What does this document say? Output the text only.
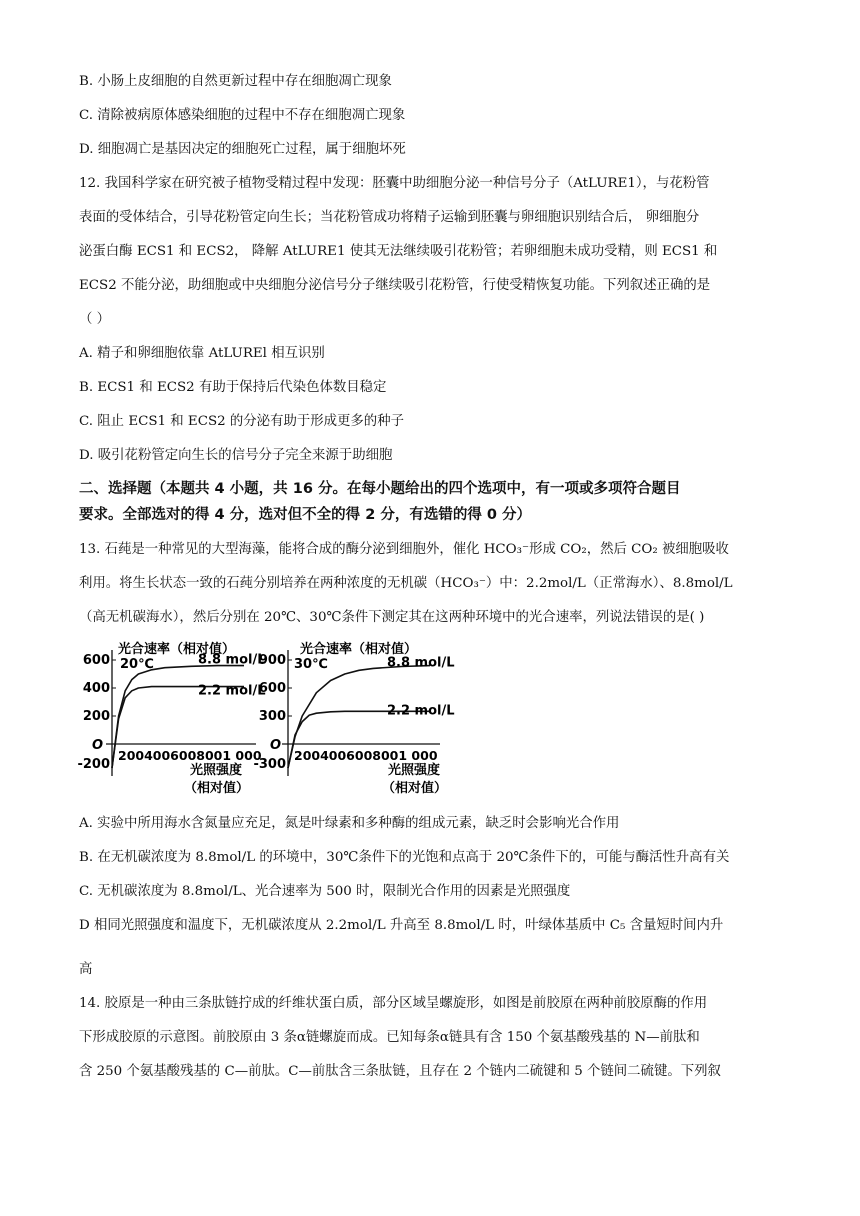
B. 小肠上皮细胞的自然更新过程中存在细胞凋亡现象
C. 清除被病原体感染细胞的过程中不存在细胞凋亡现象
D. 细胞凋亡是基因决定的细胞死亡过程，属于细胞坏死
12. 我国科学家在研究被子植物受精过程中发现：胚囊中助细胞分泌一种信号分子（AtLURE1），与花粉管
表面的受体结合，引导花粉管定向生长；当花粉管成功将精子运输到胚囊与卵细胞识别结合后， 卵细胞分
泌蛋白酶 ECS1 和 ECS2， 降解 AtLURE1 使其无法继续吸引花粉管；若卵细胞未成功受精，则 ECS1 和
ECS2 不能分泌，助细胞或中央细胞分泌信号分子继续吸引花粉管，行使受精恢复功能。下列叙述正确的是
（ ）
A. 精子和卵细胞依靠 AtLUREl 相互识别
B. ECS1 和 ECS2 有助于保持后代染色体数目稳定
C. 阻止 ECS1 和 ECS2 的分泌有助于形成更多的种子
D. 吸引花粉管定向生长的信号分子完全来源于助细胞
二、选择题（本题共 4 小题，共 16 分。在每小题给出的四个选项中，有一项或多项符合题目
要求。全部选对的得 4 分，选对但不全的得 2 分，有选错的得 0 分）
13. 石莼是一种常见的大型海藻，能将合成的酶分泌到细胞外，催化 HCO₃⁻形成 CO₂，然后 CO₂ 被细胞吸收
利用。将生长状态一致的石莼分别培养在两种浓度的无机碳（HCO₃⁻）中：2.2mol/L（正常海水）、8.8mol/L
（高无机碳海水），然后分别在 20℃、30℃条件下测定其在这两种环境中的光合速率，列说法错误的是( )
光合速率（相对值）
20℃
O
-200
200
400
600
2004006008001 000
8.8 mol/L
2.2 mol/L
光照强度
（相对值）
光合速率（相对值）
30℃
O
-300
300
600
900
2004006008001 000
8.8 mol/L
2.2 mol/L
光照强度
（相对值）
A. 实验中所用海水含氮量应充足，氮是叶绿素和多种酶的组成元素，缺乏时会影响光合作用
B. 在无机碳浓度为 8.8mol/L 的环境中，30℃条件下的光饱和点高于 20℃条件下的，可能与酶活性升高有关
C. 无机碳浓度为 8.8mol/L、光合速率为 500 时，限制光合作用的因素是光照强度
D 相同光照强度和温度下，无机碳浓度从 2.2mol/L 升高至 8.8mol/L 时，叶绿体基质中 C₅ 含量短时间内升
高
14. 胶原是一种由三条肽链拧成的纤维状蛋白质，部分区域呈螺旋形，如图是前胶原在两种前胶原酶的作用
下形成胶原的示意图。前胶原由 3 条α链螺旋而成。已知每条α链具有含 150 个氨基酸残基的 N—前肽和
含 250 个氨基酸残基的 C—前肽。C—前肽含三条肽链，且存在 2 个链内二硫键和 5 个链间二硫键。下列叙
